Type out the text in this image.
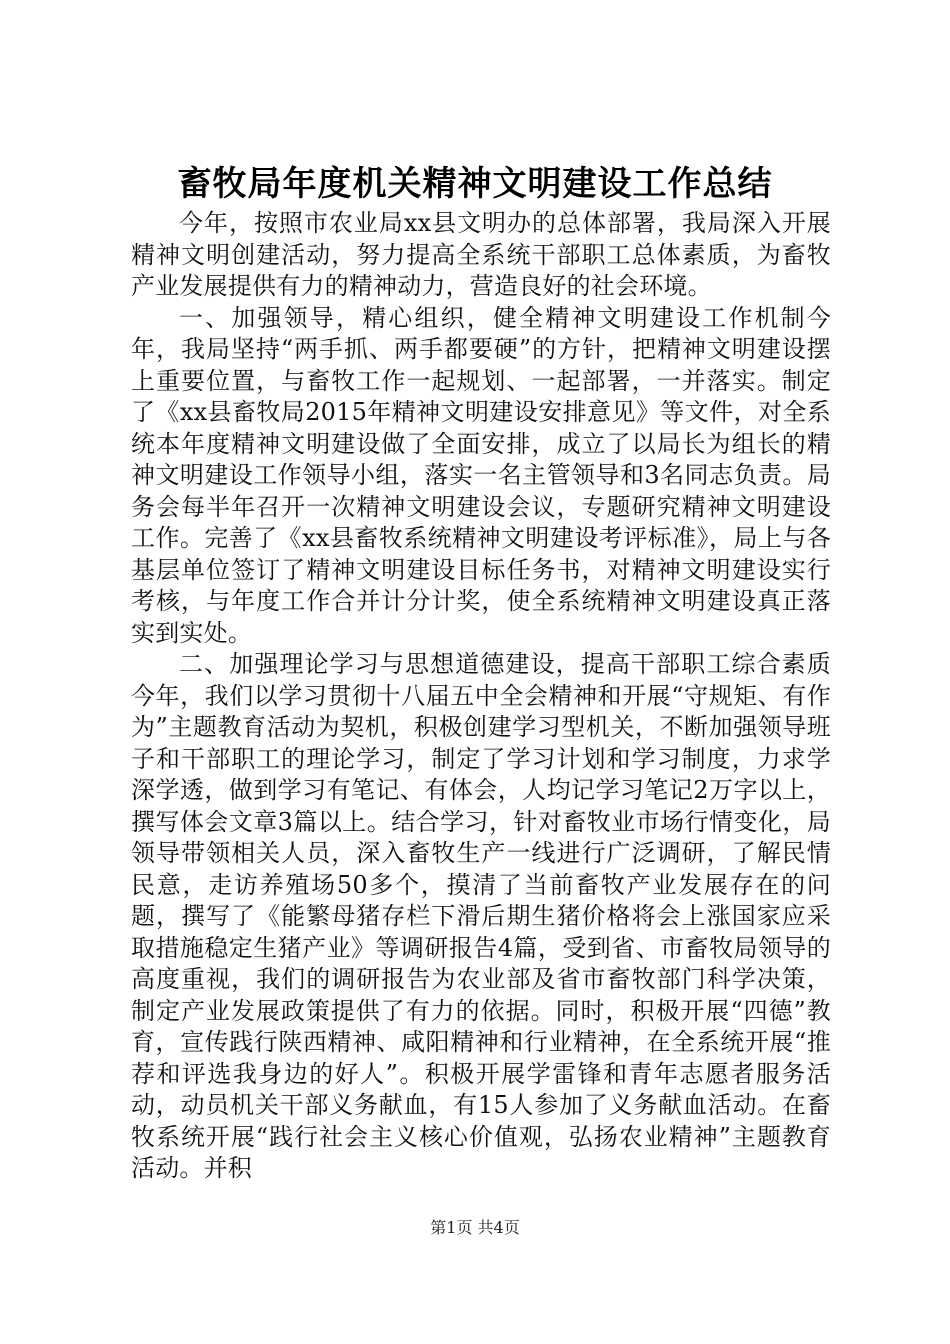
畜牧局年度机关精神文明建设工作总结

今年，按照市农业局xx县文明办的总体部署，我局深入开展精神文明创建活动，努力提高全系统干部职工总体素质，为畜牧产业发展提供有力的精神动力，营造良好的社会环境。

一、加强领导，精心组织，健全精神文明建设工作机制今年，我局坚持“两手抓、两手都要硬”的方针，把精神文明建设摆上重要位置，与畜牧工作一起规划、一起部署，一并落实。制定了《xx县畜牧局2015年精神文明建设安排意见》等文件，对全系统本年度精神文明建设做了全面安排，成立了以局长为组长的精神文明建设工作领导小组，落实一名主管领导和3名同志负责。局务会每半年召开一次精神文明建设会议，专题研究精神文明建设工作。完善了《xx县畜牧系统精神文明建设考评标准》，局上与各基层单位签订了精神文明建设目标任务书，对精神文明建设实行考核，与年度工作合并计分计奖，使全系统精神文明建设真正落实到实处。

二、加强理论学习与思想道德建设，提高干部职工综合素质今年，我们以学习贯彻十八届五中全会精神和开展“守规矩、有作为”主题教育活动为契机，积极创建学习型机关，不断加强领导班子和干部职工的理论学习，制定了学习计划和学习制度，力求学深学透，做到学习有笔记、有体会，人均记学习笔记2万字以上，撰写体会文章3篇以上。结合学习，针对畜牧业市场行情变化，局领导带领相关人员，深入畜牧生产一线进行广泛调研，了解民情民意，走访养殖场50多个，摸清了当前畜牧产业发展存在的问题，撰写了《能繁母猪存栏下滑后期生猪价格将会上涨国家应采取措施稳定生猪产业》等调研报告4篇，受到省、市畜牧局领导的高度重视，我们的调研报告为农业部及省市畜牧部门科学决策，制定产业发展政策提供了有力的依据。同时，积极开展“四德”教育，宣传践行陕西精神、咸阳精神和行业精神，在全系统开展“推荐和评选我身边的好人”。积极开展学雷锋和青年志愿者服务活动，动员机关干部义务献血，有15人参加了义务献血活动。在畜牧系统开展“践行社会主义核心价值观，弘扬农业精神”主题教育活动。并积

第1页 共4页
